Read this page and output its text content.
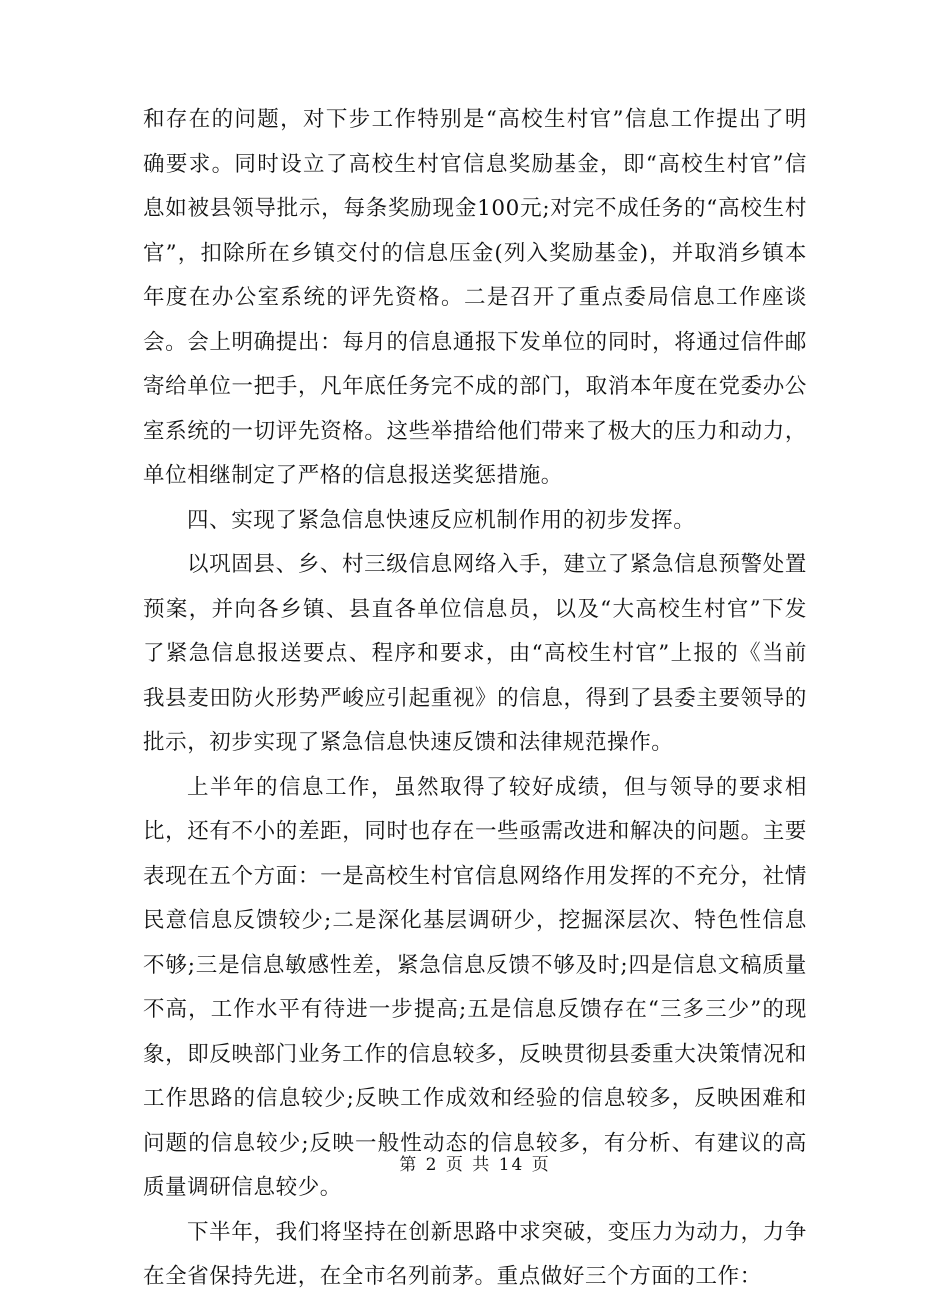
和存在的问题，对下步工作特别是“高校生村官”信息工作提出了明确要求。同时设立了高校生村官信息奖励基金，即“高校生村官”信息如被县领导批示，每条奖励现金100元;对完不成任务的“高校生村官”，扣除所在乡镇交付的信息压金(列入奖励基金)，并取消乡镇本年度在办公室系统的评先资格。二是召开了重点委局信息工作座谈会。会上明确提出：每月的信息通报下发单位的同时，将通过信件邮寄给单位一把手，凡年底任务完不成的部门，取消本年度在党委办公室系统的一切评先资格。这些举措给他们带来了极大的压力和动力，单位相继制定了严格的信息报送奖惩措施。

四、实现了紧急信息快速反应机制作用的初步发挥。

以巩固县、乡、村三级信息网络入手，建立了紧急信息预警处置预案，并向各乡镇、县直各单位信息员，以及“大高校生村官”下发了紧急信息报送要点、程序和要求，由“高校生村官”上报的《当前我县麦田防火形势严峻应引起重视》的信息，得到了县委主要领导的批示，初步实现了紧急信息快速反馈和法律规范操作。

上半年的信息工作，虽然取得了较好成绩，但与领导的要求相比，还有不小的差距，同时也存在一些亟需改进和解决的问题。主要表现在五个方面：一是高校生村官信息网络作用发挥的不充分，社情民意信息反馈较少;二是深化基层调研少，挖掘深层次、特色性信息不够;三是信息敏感性差，紧急信息反馈不够及时;四是信息文稿质量不高，工作水平有待进一步提高;五是信息反馈存在“三多三少”的现象，即反映部门业务工作的信息较多，反映贯彻县委重大决策情况和工作思路的信息较少;反映工作成效和经验的信息较多，反映困难和问题的信息较少;反映一般性动态的信息较多，有分析、有建议的高质量调研信息较少。

下半年，我们将坚持在创新思路中求突破，变压力为动力，力争在全省保持先进，在全市名列前茅。重点做好三个方面的工作：

第 2 页 共 14 页
